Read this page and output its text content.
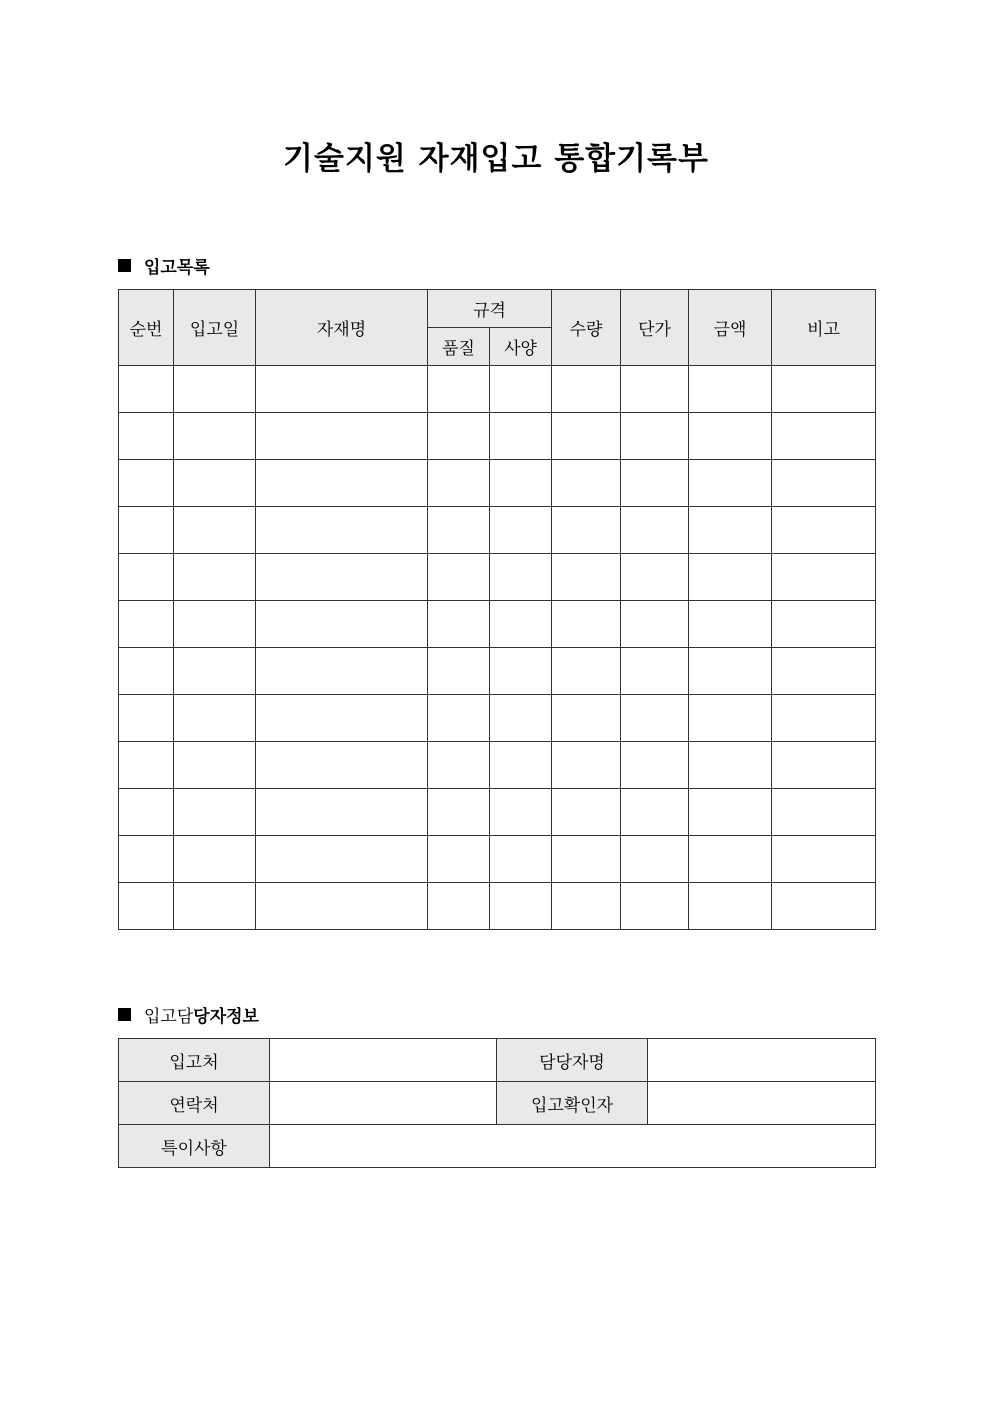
기술지원 자재입고 통합기록부
입고목록
순번	입고일	자재명	규격		수량	단가	금액	비고
			품질	사양				

입고담 당자정보
입고처		담당자명	
연락처		입고확인자	
특이사항			
